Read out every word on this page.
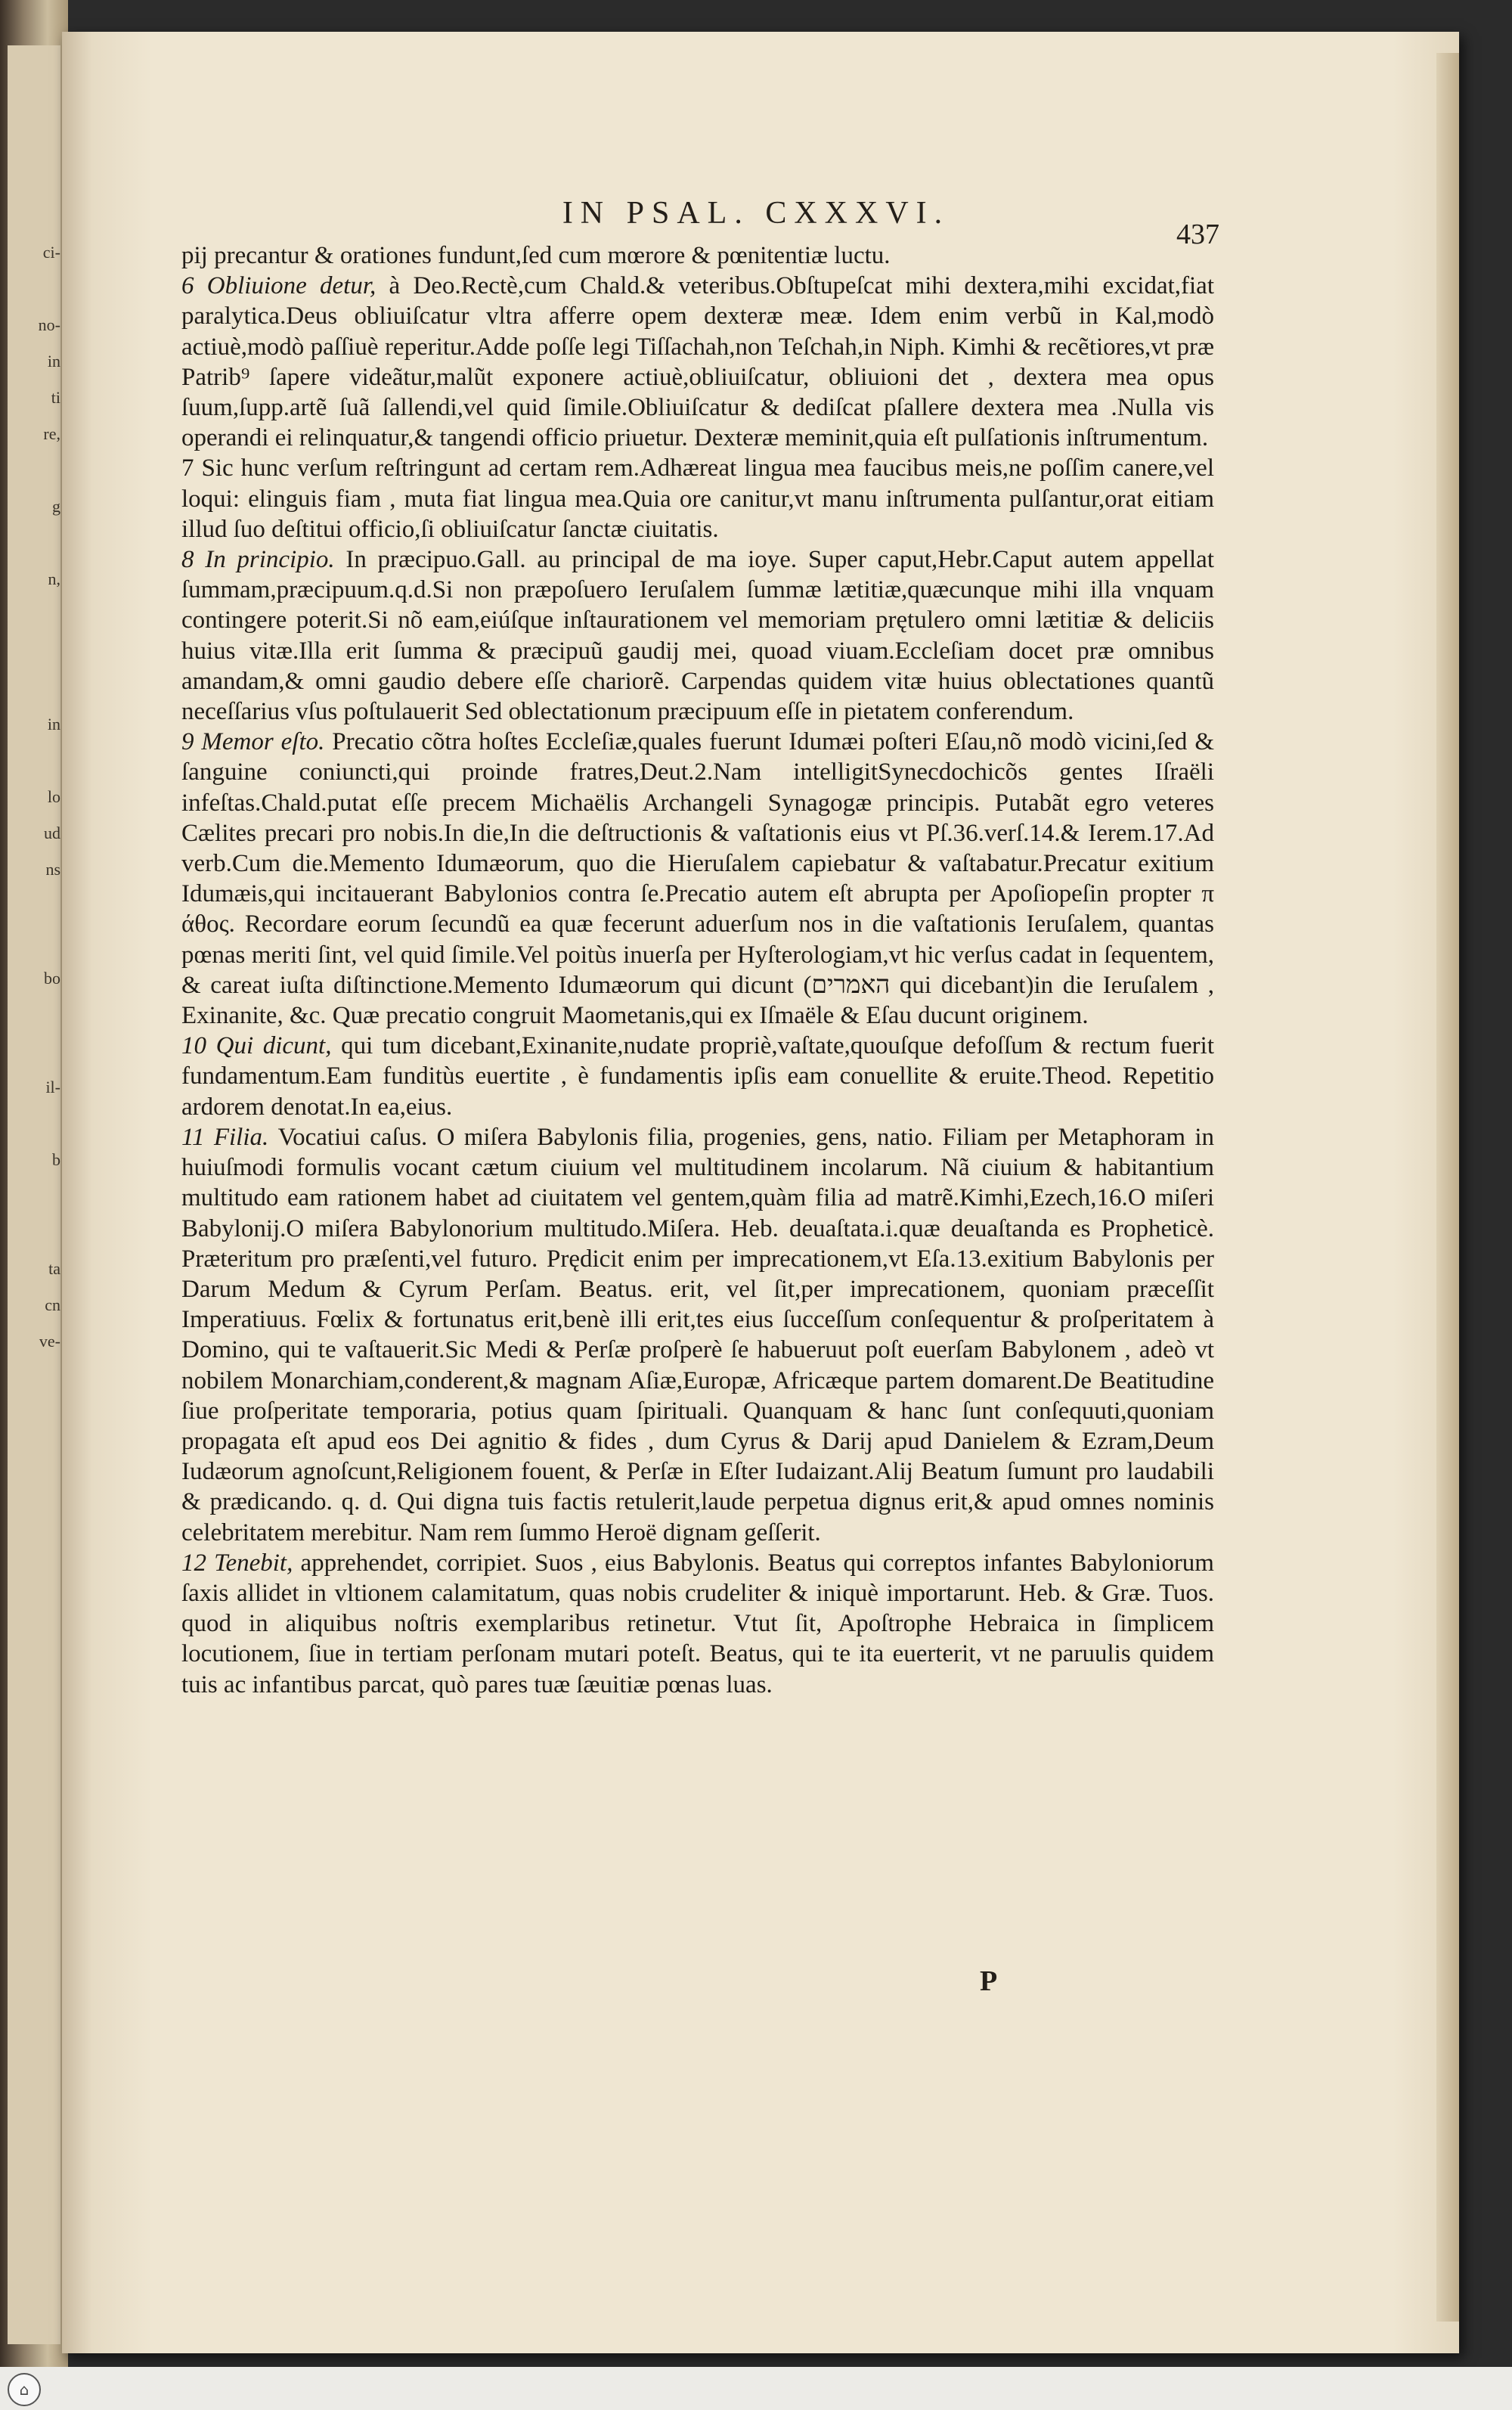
ci-

no-
in
ti
re,

g

n,

in

lo
ud
ns

bo

il-

b

ta
cn
ve-
IN PSAL. CXXXVI.
437

pij precantur & orationes fundunt,ſed cum mœrore & pœnitentiæ luctu.

6 Obliuione detur, à Deo.Rectè,cum Chald.& veteribus.Obſtupeſcat mihi dextera,mihi excidat,fiat paralytica.Deus obliuiſcatur vltra afferre opem dexteræ meæ. Idem enim verbũ in Kal,modò actiuè,modò paſſiuè reperitur.Adde poſſe legi Tiſſachah,non Teſchah,in Niph. Kimhi & recẽtiores,vt præ Patrib⁹ ſapere videãtur,malũt exponere actiuè,obliuiſcatur, obliuioni det , dextera mea opus ſuum,ſupp.artẽ ſuã ſallendi,vel quid ſimile.Obliuiſcatur & dediſcat pſallere dextera mea .Nulla vis operandi ei relinquatur,& tangendi officio priuetur. Dexteræ meminit,quia eſt pulſationis inſtrumentum.

7 Sic hunc verſum reſtringunt ad certam rem.Adhæreat lingua mea faucibus meis,ne poſſim canere,vel loqui: elinguis fiam , muta fiat lingua mea.Quia ore canitur,vt manu inſtrumenta pulſantur,orat eitiam illud ſuo deſtitui officio,ſi obliuiſcatur ſanctæ ciuitatis.

8 In principio. In præcipuo.Gall. au principal de ma ioye. Super caput,Hebr.Caput autem appellat ſummam,præcipuum.q.d.Si non præpoſuero Ieruſalem ſummæ lætitiæ,quæcunque mihi illa vnquam contingere poterit.Si nõ eam,eiúſque inſtaurationem vel memoriam prętulero omni lætitiæ & deliciis huius vitæ.Illa erit ſumma & præcipuũ gaudij mei, quoad viuam.Eccleſiam docet præ omnibus amandam,& omni gaudio debere eſſe chariorẽ. Carpendas quidem vitæ huius oblectationes quantũ neceſſarius vſus poſtulauerit Sed oblectationum præcipuum eſſe in pietatem conferendum.

9 Memor eſto. Precatio cõtra hoſtes Eccleſiæ,quales fuerunt Idumæi poſteri Eſau,nõ modò vicini,ſed & ſanguine coniuncti,qui proinde fratres,Deut.2.Nam intelligitSynecdochicõs gentes Iſraëli infeſtas.Chald.putat eſſe precem Michaëlis Archangeli Synagogæ principis. Putabãt egro veteres Cælites precari pro nobis.In die,In die deſtructionis & vaſtationis eius vt Pſ.36.verſ.14.& Ierem.17.Ad verb.Cum die.Memento Idumæorum, quo die Hieruſalem capiebatur & vaſtabatur.Precatur exitium Idumæis,qui incitauerant Babylonios contra ſe.Precatio autem eſt abrupta per Apoſiopeſin propter π άθος. Recordare eorum ſecundũ ea quæ fecerunt aduerſum nos in die vaſtationis Ieruſalem, quantas pœnas meriti ſint, vel quid ſimile.Vel poitùs inuerſa per Hyſterologiam,vt hic verſus cadat in ſequentem, & careat iuſta diſtinctione.Memento Idumæorum qui dicunt (האמרים qui dicebant)in die Ieruſalem , Exinanite, &c. Quæ precatio congruit Maometanis,qui ex Iſmaële & Eſau ducunt originem.

10 Qui dicunt, qui tum dicebant,Exinanite,nudate propriè,vaſtate,quouſque defoſſum & rectum fuerit fundamentum.Eam funditùs euertite , è fundamentis ipſis eam conuellite & eruite.Theod. Repetitio ardorem denotat.In ea,eius.

11 Filia. Vocatiui caſus. O miſera Babylonis filia, progenies, gens, natio. Filiam per Metaphoram in huiuſmodi formulis vocant cætum ciuium vel multitudinem incolarum. Nã ciuium & habitantium multitudo eam rationem habet ad ciuitatem vel gentem,quàm filia ad matrẽ.Kimhi,Ezech,16.O miſeri Babylonij.O miſera Babylonorium multitudo.Miſera. Heb. deuaſtata.i.quæ deuaſtanda es Propheticè. Præteritum pro præſenti,vel futuro. Prędicit enim per imprecationem,vt Eſa.13.exitium Babylonis per Darum Medum & Cyrum Perſam. Beatus. erit, vel ſit,per imprecationem, quoniam præceſſit Imperatiuus. Fœlix & fortunatus erit,benè illi erit,tes eius ſucceſſum conſequentur & proſperitatem à Domino, qui te vaſtauerit.Sic Medi & Perſæ proſperè ſe habueruut poſt euerſam Babylonem , adeò vt nobilem Monarchiam,conderent,& magnam Aſiæ,Europæ, Africæque partem domarent.De Beatitudine ſiue proſperitate temporaria, potius quam ſpirituali. Quanquam & hanc ſunt conſequuti,quoniam propagata eſt apud eos Dei agnitio & fides , dum Cyrus & Darij apud Danielem & Ezram,Deum Iudæorum agnoſcunt,Religionem fouent, & Perſæ in Eſter Iudaizant.Alij Beatum ſumunt pro laudabili & prædicando. q. d. Qui digna tuis factis retulerit,laude perpetua dignus erit,& apud omnes nominis celebritatem merebitur. Nam rem ſummo Heroë dignam geſſerit.

12 Tenebit, apprehendet, corripiet. Suos , eius Babylonis. Beatus qui correptos infantes Babyloniorum ſaxis allidet in vltionem calamitatum, quas nobis crudeliter & iniquè importarunt. Heb. & Græ. Tuos. quod in aliquibus noſtris exemplaribus retinetur. Vtut ſit, Apoſtrophe Hebraica in ſimplicem locutionem, ſiue in tertiam perſonam mutari poteſt. Beatus, qui te ita euerterit, vt ne paruulis quidem tuis ac infantibus parcat, quò pares tuæ ſæuitiæ pœnas luas.

P
⌂
